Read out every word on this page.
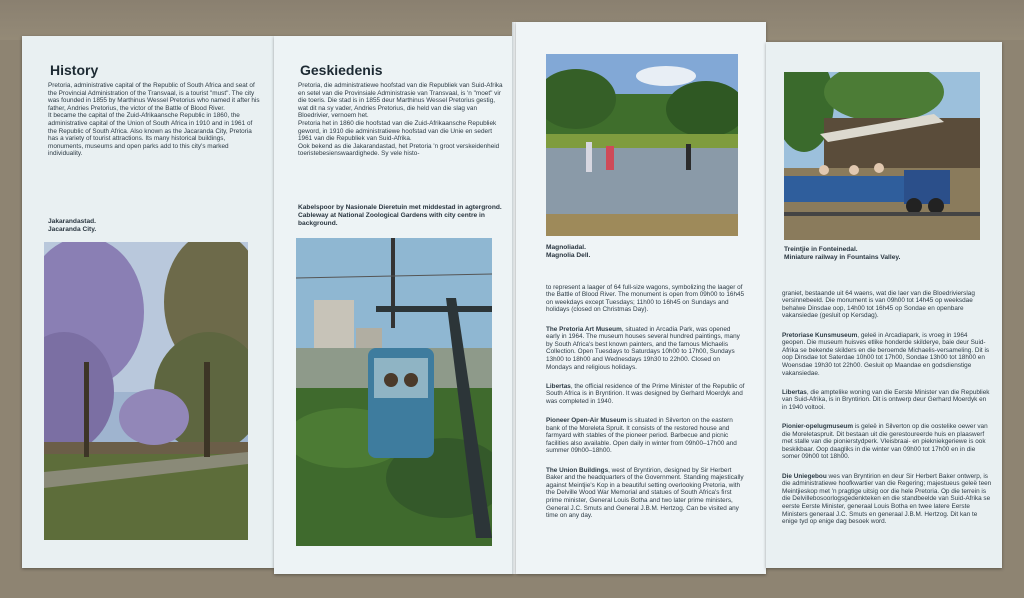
History
Pretoria, administrative capital of the Republic of South Africa and seat of the Provincial Administration of the Transvaal, is a tourist "must". The city was founded in 1855 by Marthinus Wessel Pretorius who named it after his father, Andries Pretorius, the victor of the Battle of Blood River.
It became the capital of the Zuid-Afrikaansche Republic in 1860, the administrative capital of the Union of South Africa in 1910 and in 1961 of the Republic of South Africa. Also known as the Jacaranda City, Pretoria has a variety of tourist attractions. Its many historical buildings, monuments, museums and open parks add to this city's marked individuality.
Jakarandastad.
Jacaranda City.
Geskiedenis
Pretoria, die administratiewe hoofstad van die Republiek van Suid-Afrika en setel van die Provinsiale Administrasie van Transvaal, is 'n "moet" vir die toeris. Die stad is in 1855 deur Marthinus Wessel Pretorius gestig, wat dit na sy vader, Andries Pretorius, die held van die slag van Bloedrivier, vernoem het.
Pretoria het in 1860 die hoofstad van die Zuid-Afrikaansche Republiek geword, in 1910 die administratiewe hoofstad van die Unie en sedert 1961 van die Republiek van Suid-Afrika.
Ook bekend as die Jakarandastad, het Pretoria 'n groot verskeidenheid toeristebesienswaardighede. Sy vele histo-
Kabelspoor by Nasionale Dieretuin met middestad in agtergrond.
Cableway at National Zoological Gardens with city centre in background.
Magnoliadal.
Magnolia Dell.

to represent a laager of 64 full-size wagons, symbolizing the laager of the Battle of Blood River. The monument is open from 09h00 to 16h45 on weekdays except Tuesdays; 11h00 to 16h45 on Sundays and holidays (closed on Christmas Day).

The Pretoria Art Museum, situated in Arcadia Park, was opened early in 1964. The museum houses several hundred paintings, many by South Africa's best known painters, and the famous Michaelis Collection. Open Tuesdays to Saturdays 10h00 to 17h00, Sundays 13h00 to 18h00 and Wednesdays 19h30 to 22h00. Closed on Mondays and religious holidays.

Libertas, the official residence of the Prime Minister of the Republic of South Africa is in Bryntirion. It was designed by Gerhard Moerdyk and was completed in 1940.

Pioneer Open-Air Museum is situated in Silverton on the eastern bank of the Moreleta Spruit. It consists of the restored house and farmyard with stables of the pioneer period. Barbecue and picnic facilities also available. Open daily in winter from 09h00–17h00 and summer 09h00–18h00.

The Union Buildings, west of Bryntirion, designed by Sir Herbert Baker and the headquarters of the Government. Standing majestically against Meintjie's Kop in a beautiful setting overlooking Pretoria, with the Delville Wood War Memorial and statues of South Africa's first prime minister, General Louis Botha and two later prime ministers, General J.C. Smuts and General J.B.M. Hertzog. Can be visited any time on any day.

Treintjie in Fonteinedal.
Miniature railway in Fountains Valley.

graniet, bestaande uit 64 waens, wat die laer van die Bloedrivierslag versinnebeeld. Die monument is van 09h00 tot 14h45 op weeksdae behalwe Dinsdae oop, 14h00 tot 16h45 op Sondae en openbare vakansiedae (gesluit op Kersdag).

Pretoriase Kunsmuseum, geleë in Arcadiapark, is vroeg in 1964 geopen. Die museum huisves etlike honderde skilderye, baie deur Suid-Afrika se bekende skilders en die beroemde Michaelis-versameling. Dit is oop Dinsdae tot Saterdae 10h00 tot 17h00, Sondae 13h00 tot 18h00 en Woensdae 19h30 tot 22h00. Gesluit op Maandae en godsdienstige vakansiedae.

Libertas, die amptelike woning van die Eerste Minister van die Republiek van Suid-Afrika, is in Bryntirion. Dit is ontwerp deur Gerhard Moerdyk en in 1940 voltooi.

Pionier-opelugmuseum is geleë in Silverton op die oostelike oewer van die Moreletaspruit. Dit bestaan uit die gerestoureerde huis en plaaswerf met stalle van die pionierstydperk. Vleisbraai- en piekniekgeriewe is ook beskikbaar. Oop daagliks in die winter van 09h00 tot 17h00 en in die somer 09h00 tot 18h00.

Die Uniegebou wes van Bryntirion en deur Sir Herbert Baker ontwerp, is die administratiewe hoofkwartier van die Regering; majestueus geleë teen Meintjieskop met 'n pragtige uitsig oor die hele Pretoria. Op die terrein is die Delvillebosoorlogsgedenkteken en die standbeelde van Suid-Afrika se eerste Eerste Minister, generaal Louis Botha en twee latere Eerste Ministers generaal J.C. Smuts en generaal J.B.M. Hertzog. Dit kan te enige tyd op enige dag besoek word.
